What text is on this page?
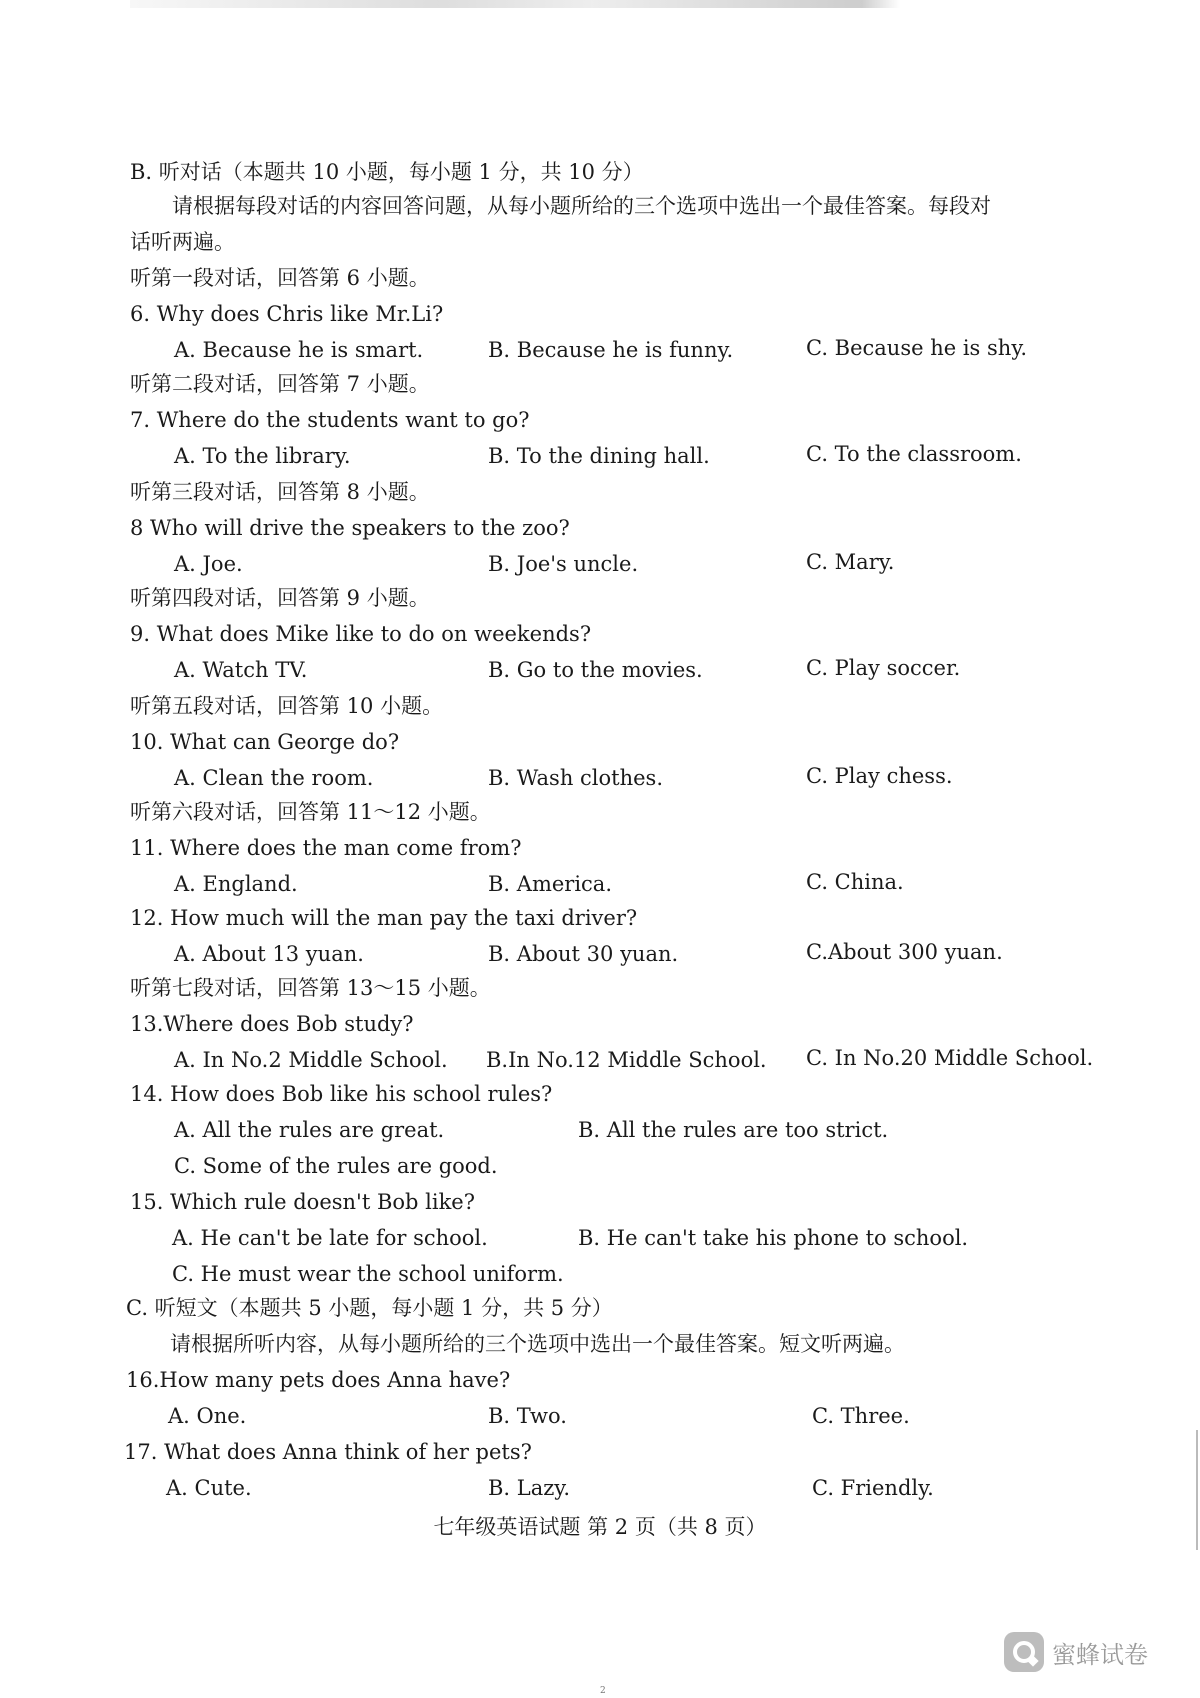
B. 听对话（本题共 10 小题，每小题 1 分，共 10 分）
请根据每段对话的内容回答问题，从每小题所给的三个选项中选出一个最佳答案。每段对
话听两遍。
听第一段对话，回答第 6 小题。
6. Why does Chris like Mr.Li?
A. Because he is smart.	B. Because he is funny.	C. Because he is shy.
听第二段对话，回答第 7 小题。
7. Where do the students want to go?
A. To the library.	B. To the dining hall.	C. To the classroom.
听第三段对话，回答第 8 小题。
8 Who will drive the speakers to the zoo?
A. Joe.	B. Joe's uncle.	C. Mary.
听第四段对话，回答第 9 小题。
9. What does Mike like to do on weekends?
A. Watch TV.	B. Go to the movies.	C. Play soccer.
听第五段对话，回答第 10 小题。
10. What can George do?
A. Clean the room.	B. Wash clothes.	C. Play chess.
听第六段对话，回答第 11～12 小题。
11. Where does the man come from?
A. England.	B. America.	C. China.
12. How much will the man pay the taxi driver?
A. About 13 yuan.	B. About 30 yuan.	C.About 300 yuan.
听第七段对话，回答第 13～15 小题。
13.Where does Bob study?
A. In No.2 Middle School. B.In No.12 Middle School. C. In No.20 Middle School.
14. How does Bob like his school rules?
A. All the rules are great.	B. All the rules are too strict.
C. Some of the rules are good.
15. Which rule doesn't Bob like?
A. He can't be late for school.	B. He can't take his phone to school.
C. He must wear the school uniform.
C. 听短文（本题共 5 小题，每小题 1 分，共 5 分）
请根据所听内容，从每小题所给的三个选项中选出一个最佳答案。短文听两遍。
16.How many pets does Anna have?
A. One.	B. Two.	C. Three.
17. What does Anna think of her pets?
A. Cute.	B. Lazy.	C. Friendly.
七年级英语试题 第 2 页（共 8 页）
蜜蜂试卷
2
